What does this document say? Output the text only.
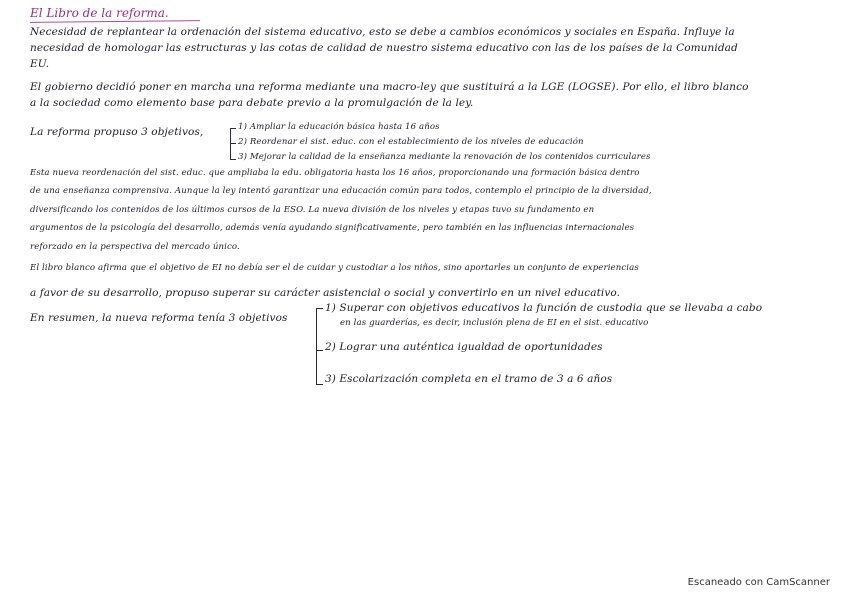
El Libro de la reforma.
Necesidad de replantear la ordenación del sistema educativo, esto se debe a cambios económicos y sociales en España. Influye la
necesidad de homologar las estructuras y las cotas de calidad de nuestro sistema educativo con las de los países de la Comunidad
EU.
El gobierno decidió poner en marcha una reforma mediante una macro-ley que sustituirá a la LGE (LOGSE). Por ello, el libro blanco
a la sociedad como elemento base para debate previo a la promulgación de la ley.
La reforma propuso 3 objetivos,	1) Ampliar la educación básica hasta 16 años
2) Reordenar el sist. educ. con el establecimiento de los niveles de educación
3) Mejorar la calidad de la enseñanza mediante la renovación de los contenidos curriculares
Esta nueva reordenación del sist. educ. que ampliaba la edu. obligatoria hasta los 16 años, proporcionando una formación básica dentro
de una enseñanza comprensiva. Aunque la ley intentó garantizar una educación común para todos, contemplo el principio de la diversidad,
diversificando los contenidos de los últimos cursos de la ESO. La nueva división de los niveles y etapas tuvo su fundamento en
argumentos de la psicología del desarrollo, además venía ayudando significativamente, pero también en las influencias internacionales
reforzado en la perspectiva del mercado único.
El libro blanco afirma que el objetivo de EI no debía ser el de cuidar y custodiar a los niños, sino aportarles un conjunto de experiencias
a favor de su desarrollo, propuso superar su carácter asistencial o social y convertirlo en un nivel educativo.
En resumen, la nueva reforma tenía 3 objetivos
1) Superar con objetivos educativos la función de custodia que se llevaba a cabo
en las guarderías, es decir, inclusión plena de EI en el sist. educativo
2) Lograr una auténtica igualdad de oportunidades
3) Escolarización completa en el tramo de 3 a 6 años
Escaneado con CamScanner
